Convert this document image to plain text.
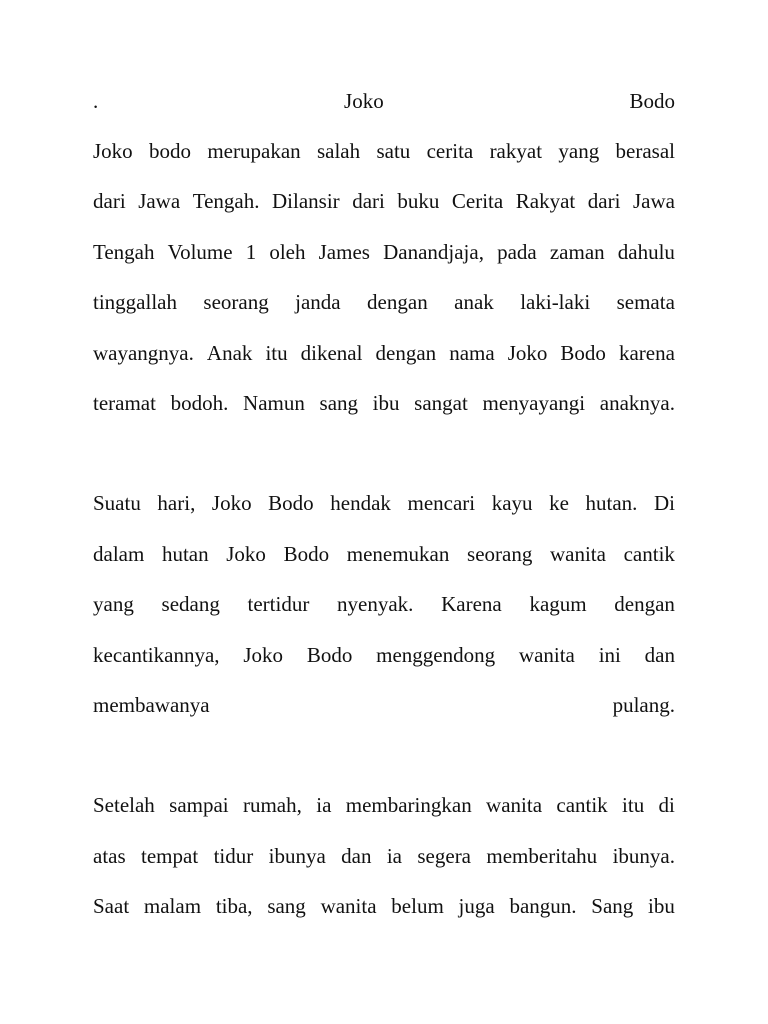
.	Joko	Bodo
Joko bodo merupakan salah satu cerita rakyat yang berasal
dari Jawa Tengah. Dilansir dari buku Cerita Rakyat dari Jawa
Tengah Volume 1 oleh James Danandjaja, pada zaman dahulu
tinggallah seorang janda dengan anak laki-laki semata
wayangnya. Anak itu dikenal dengan nama Joko Bodo karena
teramat bodoh. Namun sang ibu sangat menyayangi anaknya.
Suatu hari, Joko Bodo hendak mencari kayu ke hutan. Di
dalam hutan Joko Bodo menemukan seorang wanita cantik
yang sedang tertidur nyenyak. Karena kagum dengan
kecantikannya, Joko Bodo menggendong wanita ini dan
membawanya	pulang.
Setelah sampai rumah, ia membaringkan wanita cantik itu di
atas tempat tidur ibunya dan ia segera memberitahu ibunya.
Saat malam tiba, sang wanita belum juga bangun. Sang ibu
